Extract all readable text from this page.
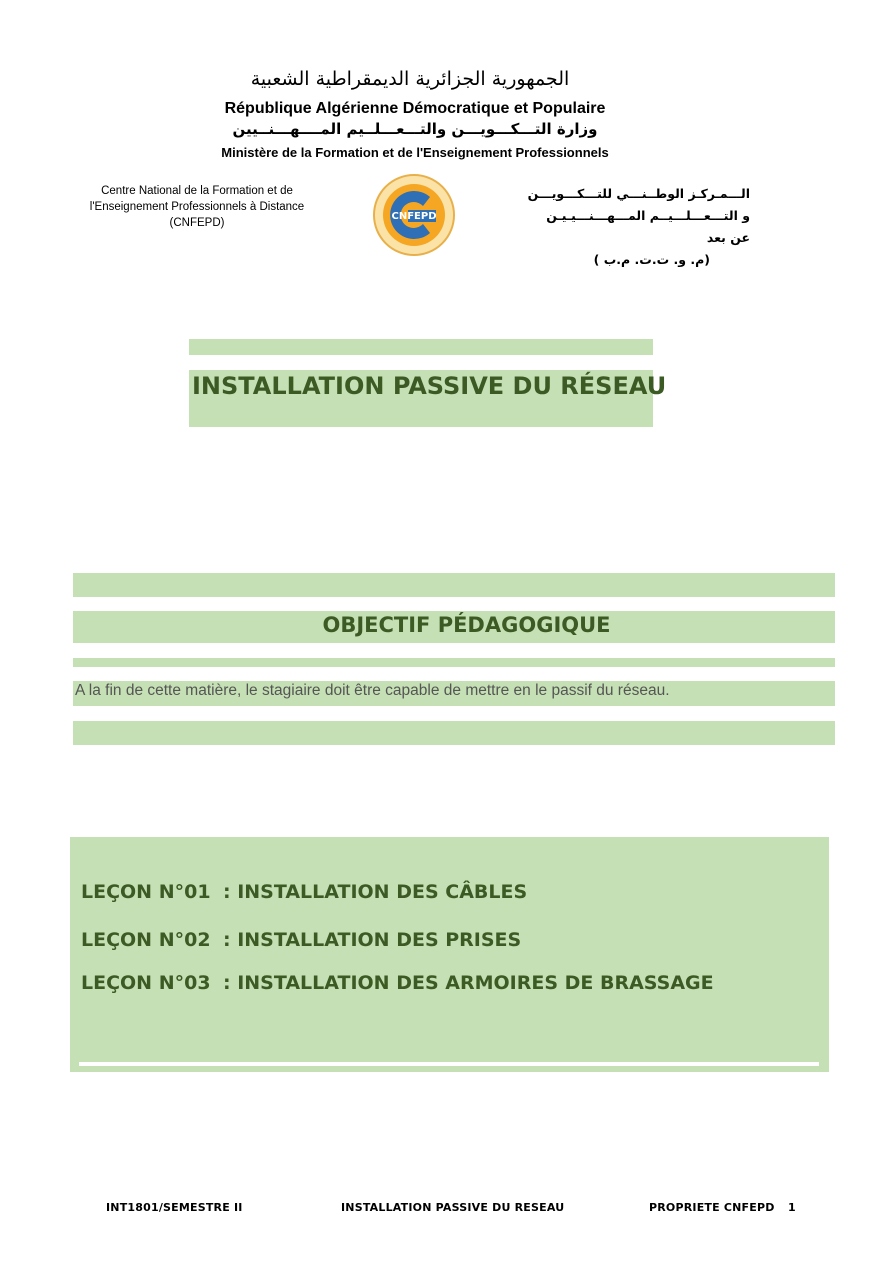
الجمهورية الجزائرية الديمقراطية الشعبية
République Algérienne Démocratique et Populaire
وزارة التـــكـــويـــن والتـــعـــلــيم المــــهـــنــيين
Ministère de la Formation et de l'Enseignement Professionnels
Centre National de la Formation et de
l'Enseignement Professionnels à Distance
(CNFEPD)
CNFEPD
الـــمـركـز الوطــنـــي للتـــكـــويـــن
و التـــعـــلـــيــم المـــهـــنـــيـيـن عن بعد
(م. و. ت.ت. م.ب )
INSTALLATION PASSIVE DU RÉSEAU
OBJECTIF PÉDAGOGIQUE
A la fin de cette matière, le stagiaire doit être capable de mettre en le passif du réseau.
LEÇON N°01 : INSTALLATION DES CÂBLES
LEÇON N°02 : INSTALLATION DES PRISES
LEÇON N°03 : INSTALLATION DES ARMOIRES DE BRASSAGE
INT1801/SEMESTRE II	INSTALLATION PASSIVE DU RESEAU	PROPRIETE CNFEPD 1
